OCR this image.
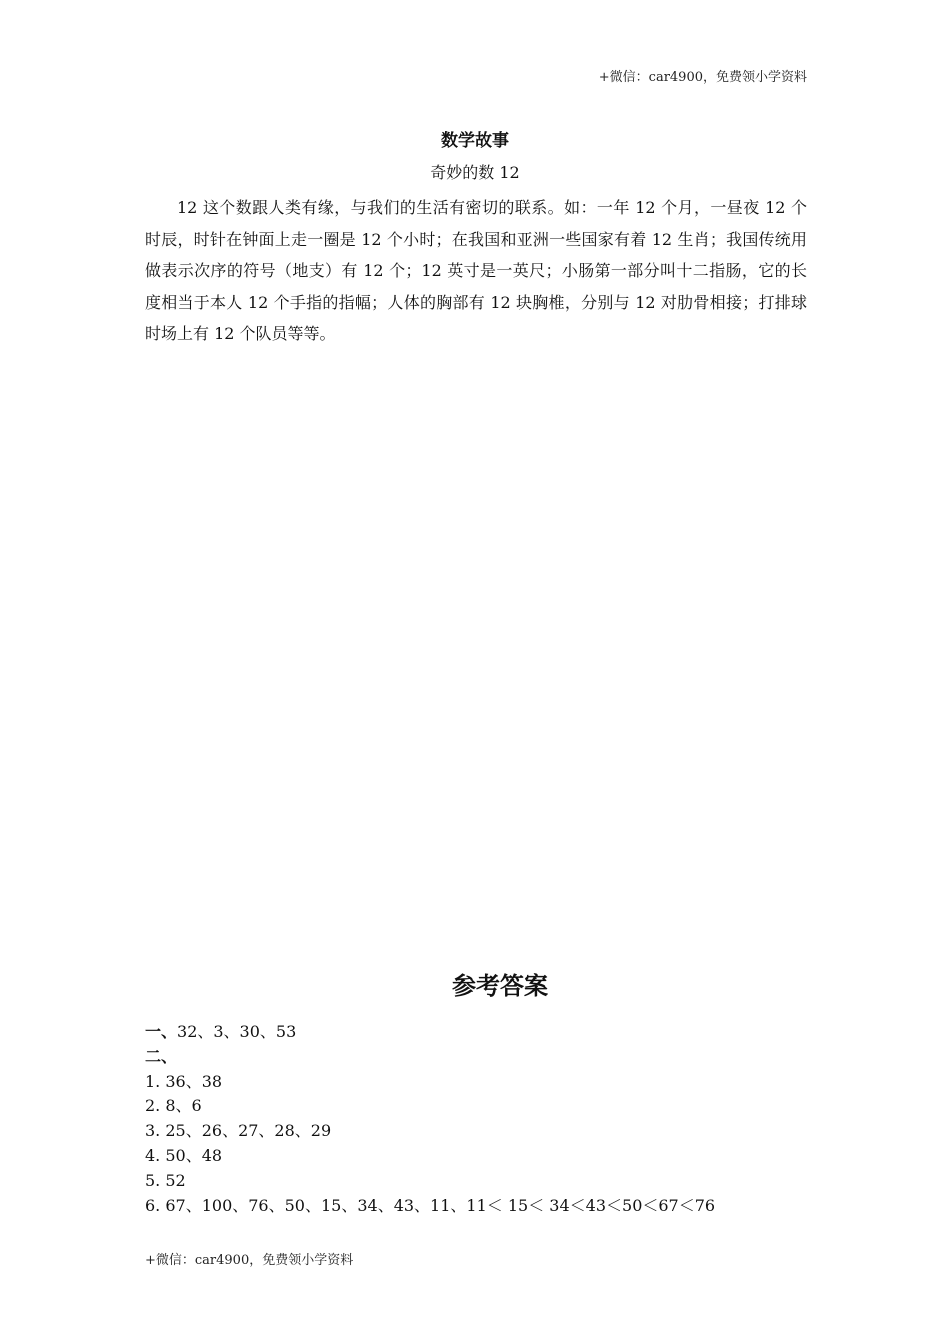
+微信：car4900，免费领小学资料
数学故事
奇妙的数 12
12 这个数跟人类有缘，与我们的生活有密切的联系。如：一年 12 个月，一昼夜 12 个时辰，时针在钟面上走一圈是 12 个小时；在我国和亚洲一些国家有着 12 生肖；我国传统用做表示次序的符号（地支）有 12 个；12 英寸是一英尺；小肠第一部分叫十二指肠，它的长度相当于本人 12 个手指的指幅；人体的胸部有 12 块胸椎，分别与 12 对肋骨相接；打排球时场上有 12 个队员等等。
参考答案
一、32、3、30、53
二、
1. 36、38
2. 8、6
3. 25、26、27、28、29
4. 50、48
5. 52
6. 67、100、76、50、15、34、43、11、11＜ 15＜ 34＜43＜50＜67＜76
+微信：car4900，免费领小学资料
